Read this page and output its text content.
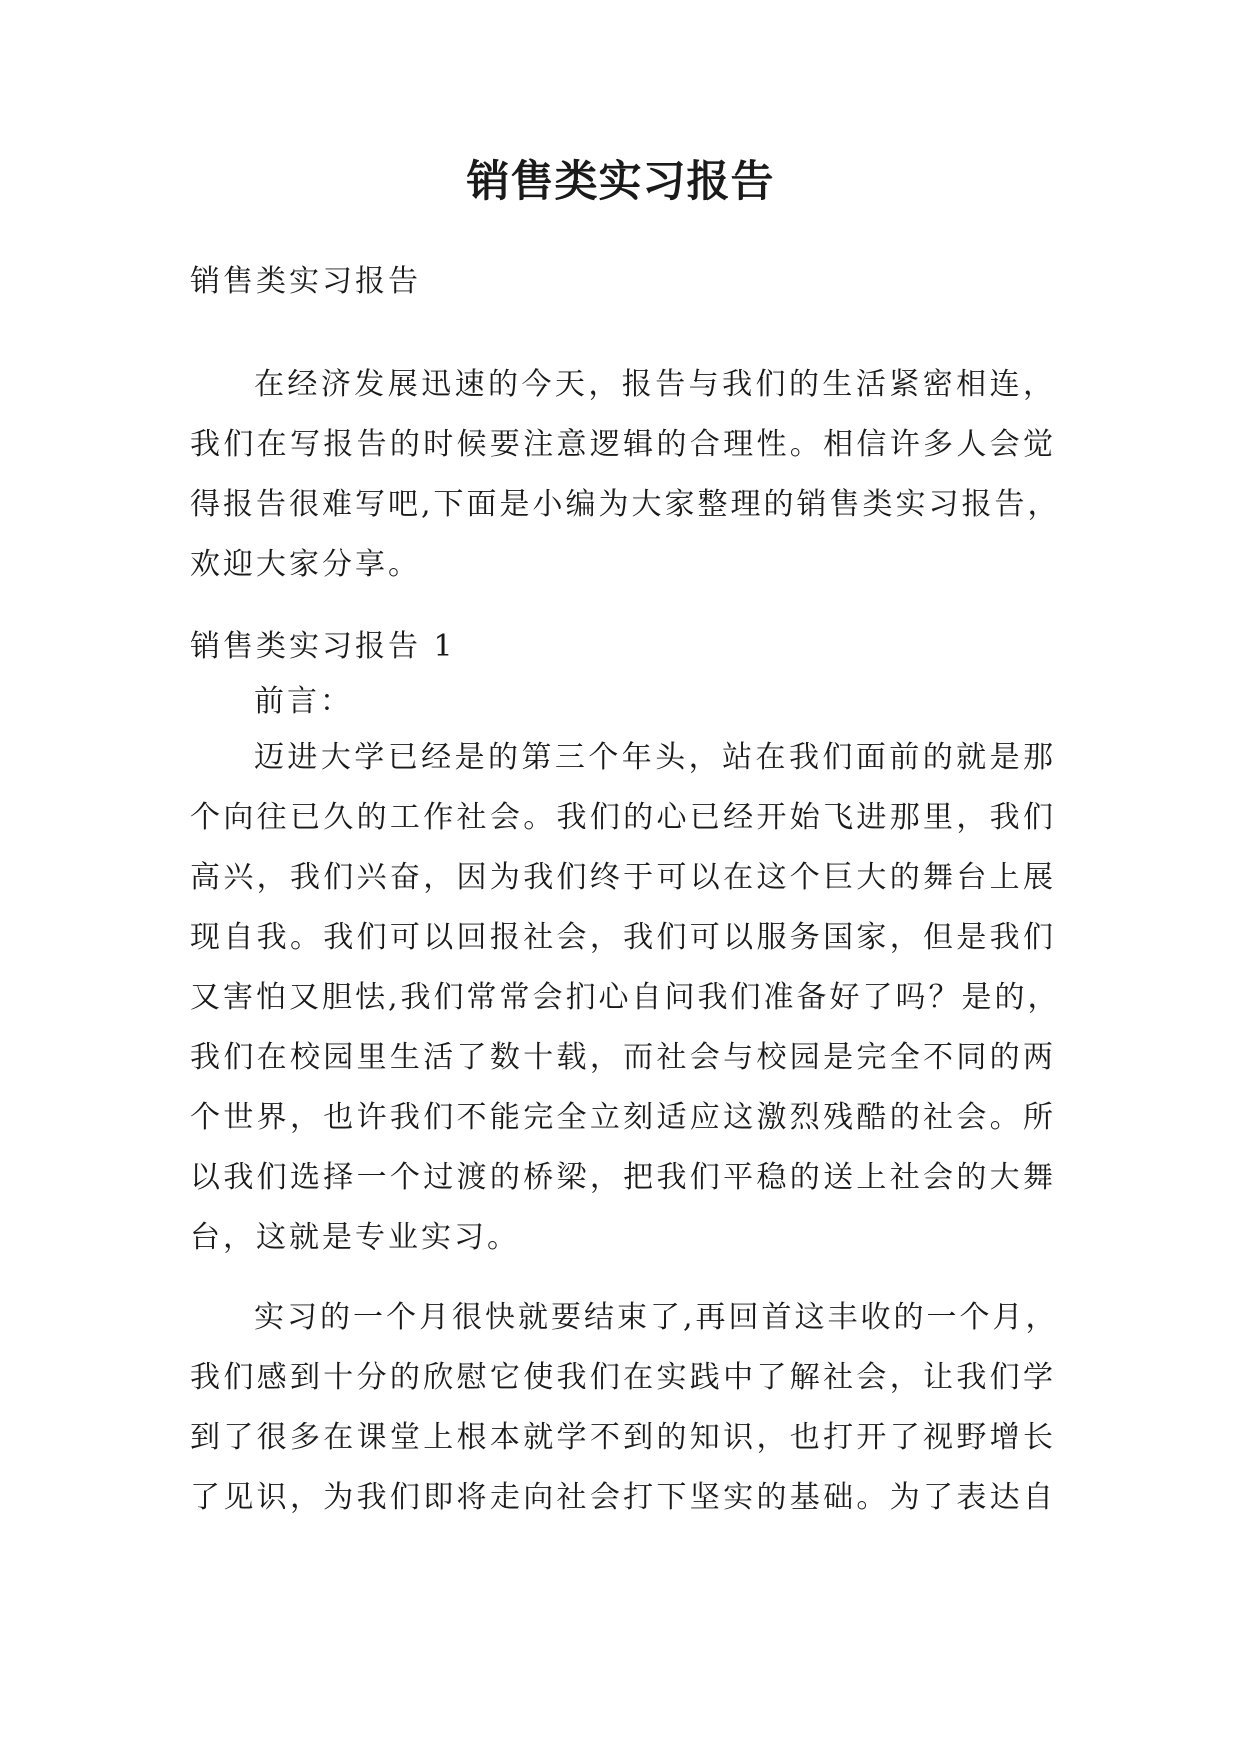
销售类实习报告

销售类实习报告

在经济发展迅速的今天，报告与我们的生活紧密相连，
我们在写报告的时候要注意逻辑的合理性。相信许多人会觉
得报告很难写吧,下面是小编为大家整理的销售类实习报告，
欢迎大家分享。

销售类实习报告 1

前言：

迈进大学已经是的第三个年头，站在我们面前的就是那
个向往已久的工作社会。我们的心已经开始飞进那里，我们
高兴，我们兴奋，因为我们终于可以在这个巨大的舞台上展
现自我。我们可以回报社会，我们可以服务国家，但是我们
又害怕又胆怯,我们常常会扪心自问我们准备好了吗？是的，
我们在校园里生活了数十载，而社会与校园是完全不同的两
个世界，也许我们不能完全立刻适应这激烈残酷的社会。所
以我们选择一个过渡的桥梁，把我们平稳的送上社会的大舞
台，这就是专业实习。
实习的一个月很快就要结束了,再回首这丰收的一个月，
我们感到十分的欣慰它使我们在实践中了解社会，让我们学
到了很多在课堂上根本就学不到的知识，也打开了视野增长
了见识，为我们即将走向社会打下坚实的基础。为了表达自
